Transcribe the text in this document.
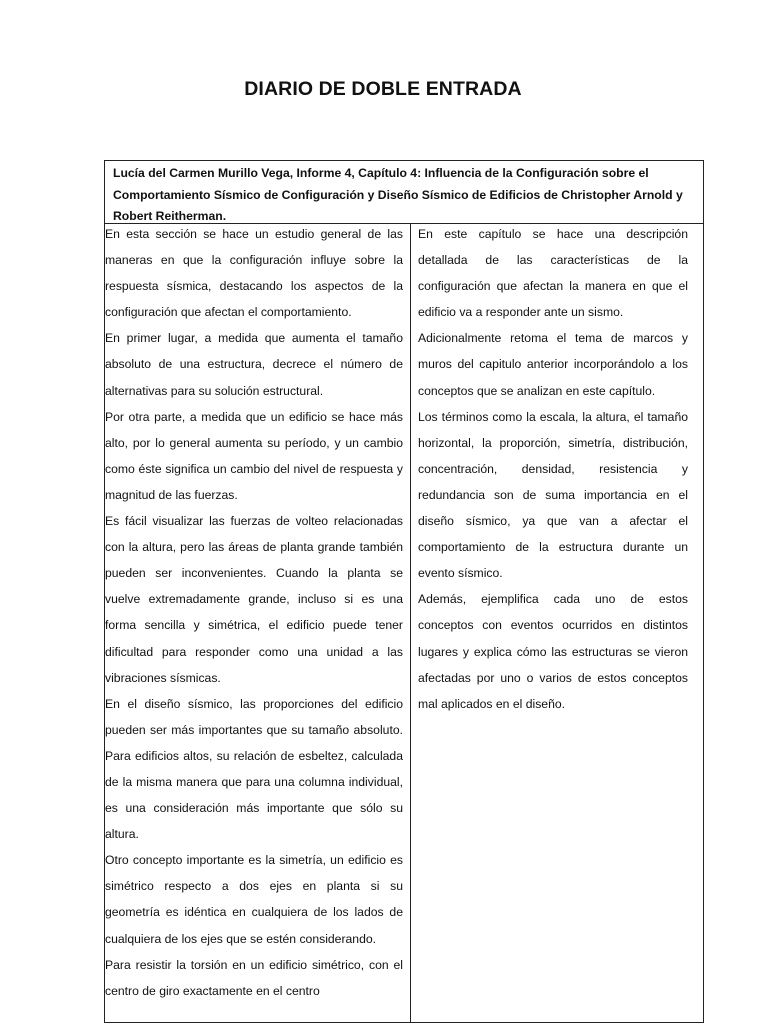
DIARIO DE DOBLE ENTRADA
Lucía del Carmen Murillo Vega, Informe 4, Capítulo 4: Influencia de la Configuración sobre el Comportamiento Sísmico de Configuración y Diseño Sísmico de Edificios de Christopher Arnold y Robert Reitherman.

En esta sección se hace un estudio general de las maneras en que la configuración influye sobre la respuesta sísmica, destacando los aspectos de la configuración que afectan el comportamiento.

En primer lugar, a medida que aumenta el tamaño absoluto de una estructura, decrece el número de alternativas para su solución estructural.

Por otra parte, a medida que un edificio se hace más alto, por lo general aumenta su período, y un cambio como éste significa un cambio del nivel de respuesta y magnitud de las fuerzas.

Es fácil visualizar las fuerzas de volteo relacionadas con la altura, pero las áreas de planta grande también pueden ser inconvenientes. Cuando la planta se vuelve extremadamente grande, incluso si es una forma sencilla y simétrica, el edificio puede tener dificultad para responder como una unidad a las vibraciones sísmicas.

En el diseño sísmico, las proporciones del edificio pueden ser más importantes que su tamaño absoluto. Para edificios altos, su relación de esbeltez, calculada de la misma manera que para una columna individual, es una consideración más importante que sólo su altura.

Otro concepto importante es la simetría, un edificio es simétrico respecto a dos ejes en planta si su geometría es idéntica en cualquiera de los lados de cualquiera de los ejes que se estén considerando.

Para resistir la torsión en un edificio simétrico, con el centro de giro exactamente en el centro

En este capítulo se hace una descripción detallada de las características de la configuración que afectan la manera en que el edificio va a responder ante un sismo.

Adicionalmente retoma el tema de marcos y muros del capitulo anterior incorporándolo a los conceptos que se analizan en este capítulo.

Los términos como la escala, la altura, el tamaño horizontal, la proporción, simetría, distribución, concentración, densidad, resistencia y redundancia son de suma importancia en el diseño sísmico, ya que van a afectar el comportamiento de la estructura durante un evento sísmico.

Además, ejemplifica cada uno de estos conceptos con eventos ocurridos en distintos lugares y explica cómo las estructuras se vieron afectadas por uno o varios de estos conceptos mal aplicados en el diseño.
